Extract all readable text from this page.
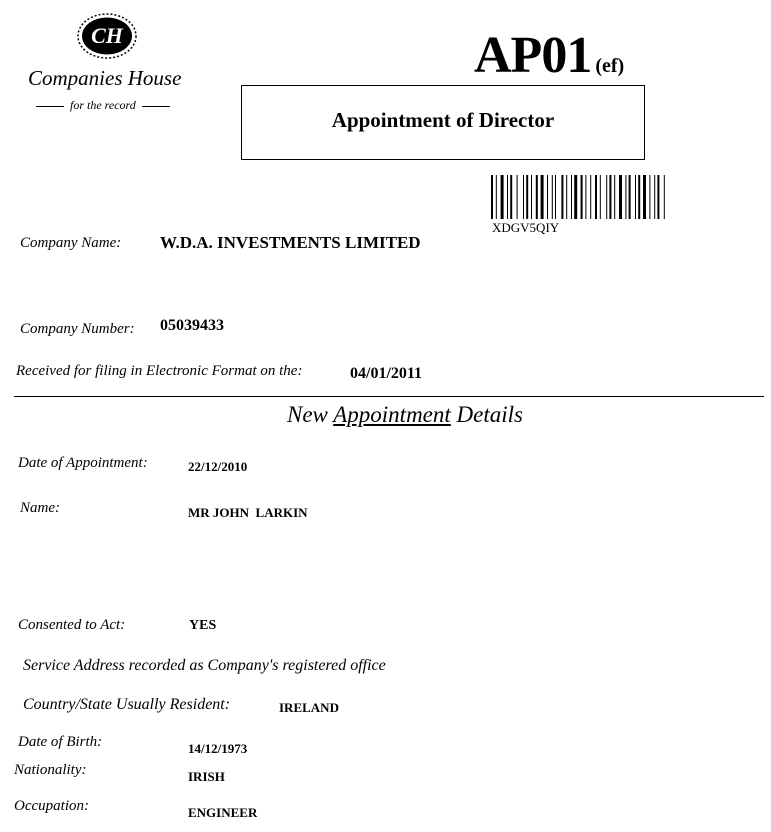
CH
Companies House
for the record
AP01 (ef)
Appointment of Director
XDGV5QIY
Company Name: W.D.A. INVESTMENTS LIMITED
Company Number: 05039433
Received for filing in Electronic Format on the:	04/01/2011
New Appointment Details
Date of Appointment:	22/12/2010
Name:	MR JOHN  LARKIN
Consented to Act:	YES
Service Address recorded as Company's registered office
Country/State Usually Resident:	IRELAND
Date of Birth:	14/12/1973
Nationality:	IRISH
Occupation:	ENGINEER
